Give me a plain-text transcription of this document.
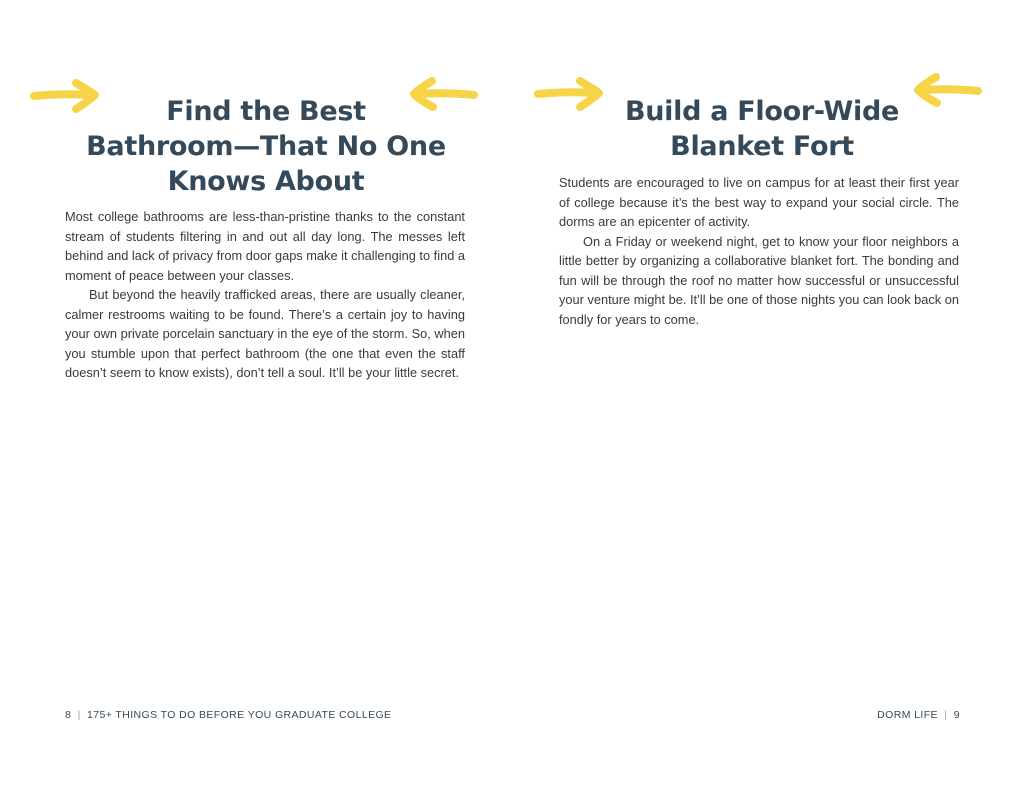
Find the Best
Bathroom—That No One
Knows About

Most college bathrooms are less-than-pristine thanks to the constant stream of students filtering in and out all day long. The messes left behind and lack of privacy from door gaps make it challenging to find a moment of peace between your classes.

But beyond the heavily trafficked areas, there are usually cleaner, calmer restrooms waiting to be found. There’s a certain joy to having your own private porcelain sanctuary in the eye of the storm. So, when you stumble upon that perfect bathroom (the one that even the staff doesn’t seem to know exists), don’t tell a soul. It’ll be your little secret.

8 | 175+ THINGS TO DO BEFORE YOU GRADUATE COLLEGE
Build a Floor-Wide
Blanket Fort

Students are encouraged to live on campus for at least their first year of college because it’s the best way to expand your social circle. The dorms are an epicenter of activity.

On a Friday or weekend night, get to know your floor neighbors a little better by organizing a collaborative blanket fort. The bonding and fun will be through the roof no matter how successful or unsuccessful your venture might be. It’ll be one of those nights you can look back on fondly for years to come.

DORM LIFE | 9
